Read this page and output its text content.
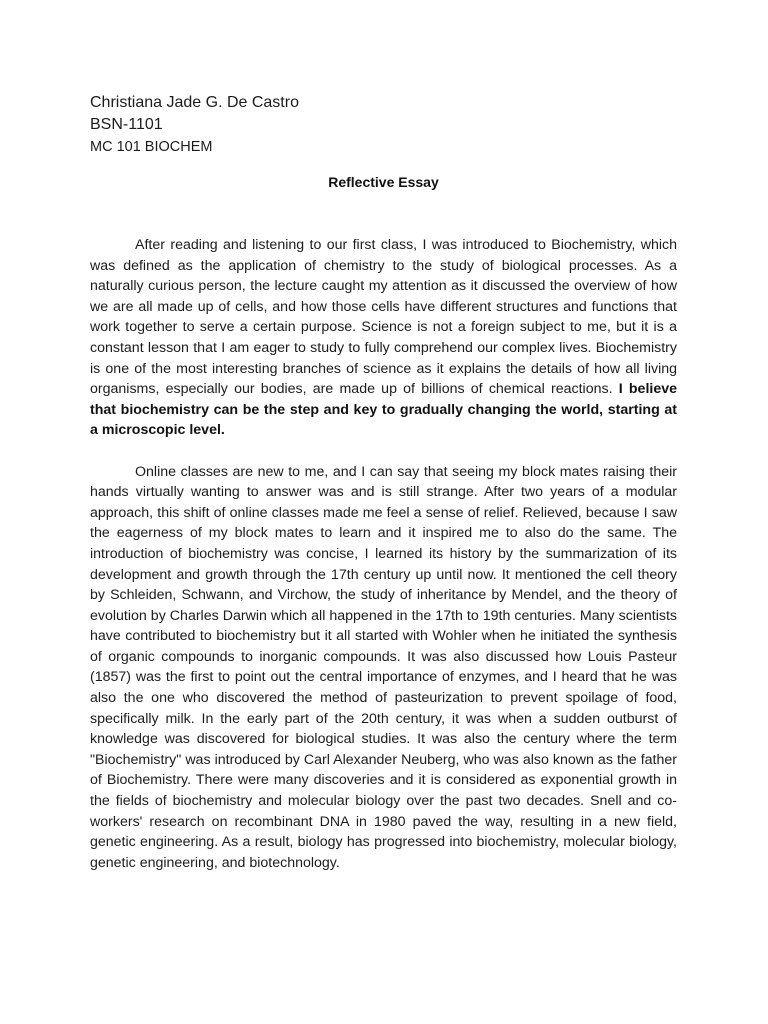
Christiana Jade G. De Castro
BSN-1101
MC 101 BIOCHEM
Reflective Essay

After reading and listening to our first class, I was introduced to Biochemistry, which was defined as the application of chemistry to the study of biological processes. As a naturally curious person, the lecture caught my attention as it discussed the overview of how we are all made up of cells, and how those cells have different structures and functions that work together to serve a certain purpose. Science is not a foreign subject to me, but it is a constant lesson that I am eager to study to fully comprehend our complex lives. Biochemistry is one of the most interesting branches of science as it explains the details of how all living organisms, especially our bodies, are made up of billions of chemical reactions. I believe that biochemistry can be the step and key to gradually changing the world, starting at a microscopic level.

Online classes are new to me, and I can say that seeing my block mates raising their hands virtually wanting to answer was and is still strange. After two years of a modular approach, this shift of online classes made me feel a sense of relief. Relieved, because I saw the eagerness of my block mates to learn and it inspired me to also do the same. The introduction of biochemistry was concise, I learned its history by the summarization of its development and growth through the 17th century up until now. It mentioned the cell theory by Schleiden, Schwann, and Virchow, the study of inheritance by Mendel, and the theory of evolution by Charles Darwin which all happened in the 17th to 19th centuries. Many scientists have contributed to biochemistry but it all started with Wohler when he initiated the synthesis of organic compounds to inorganic compounds. It was also discussed how Louis Pasteur (1857) was the first to point out the central importance of enzymes, and I heard that he was also the one who discovered the method of pasteurization to prevent spoilage of food, specifically milk. In the early part of the 20th century, it was when a sudden outburst of knowledge was discovered for biological studies. It was also the century where the term "Biochemistry" was introduced by Carl Alexander Neuberg, who was also known as the father of Biochemistry. There were many discoveries and it is considered as exponential growth in the fields of biochemistry and molecular biology over the past two decades. Snell and co-workers' research on recombinant DNA in 1980 paved the way, resulting in a new field, genetic engineering. As a result, biology has progressed into biochemistry, molecular biology, genetic engineering, and biotechnology.
